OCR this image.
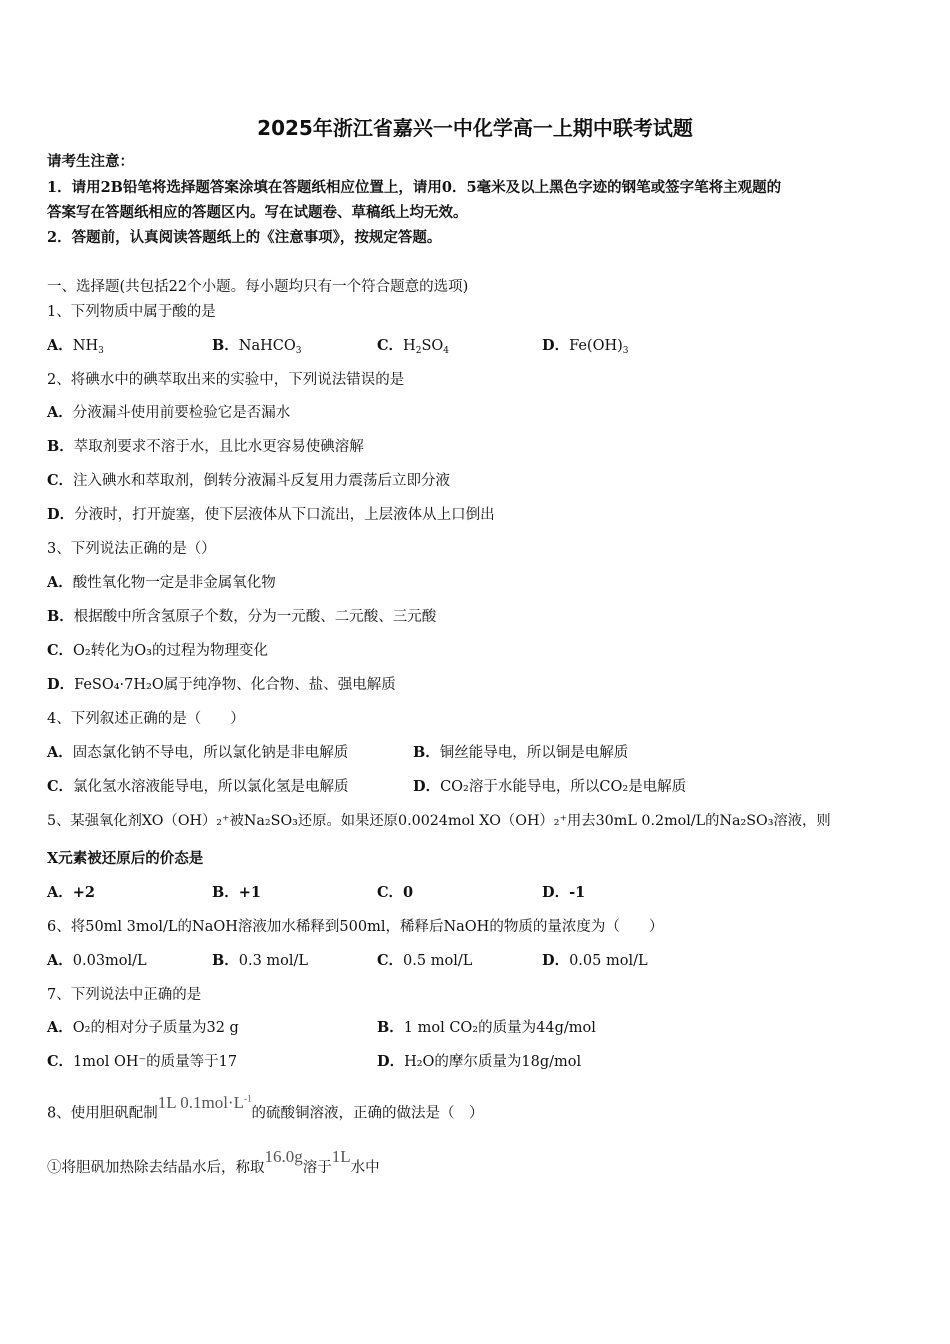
2025年浙江省嘉兴一中化学高一上期中联考试题
请考生注意：
1．请用2B铅笔将选择题答案涂填在答题纸相应位置上，请用0．5毫米及以上黑色字迹的钢笔或签字笔将主观题的
答案写在答题纸相应的答题区内。写在试题卷、草稿纸上均无效。
2．答题前，认真阅读答题纸上的《注意事项》，按规定答题。
一、选择题(共包括22个小题。每小题均只有一个符合题意的选项)
1、下列物质中属于酸的是
A．$NH_3$	B．NaHCO$_3$	C．$H_2SO_4$	D．$Fe(OH)_3$
2、将碘水中的碘萃取出来的实验中，下列说法错误的是
A．分液漏斗使用前要检验它是否漏水
B．萃取剂要求不溶于水，且比水更容易使碘溶解
C．注入碘水和萃取剂，倒转分液漏斗反复用力震荡后立即分液
D．分液时，打开旋塞，使下层液体从下口流出，上层液体从上口倒出
3、下列说法正确的是（）
A．酸性氧化物一定是非金属氧化物
B．根据酸中所含氢原子个数，分为一元酸、二元酸、三元酸
C．O₂转化为O₃的过程为物理变化
D．FeSO₄·7H₂O属于纯净物、化合物、盐、强电解质
4、下列叙述正确的是（　　）
A．固态氯化钠不导电，所以氯化钠是非电解质	B．铜丝能导电，所以铜是电解质
C．氯化氢水溶液能导电，所以氯化氢是电解质	D．CO₂溶于水能导电，所以CO₂是电解质
5、某强氧化剂XO（OH）₂⁺被Na₂SO₃还原。如果还原0.0024mol XO（OH）₂⁺用去30mL 0.2mol/L的Na₂SO₃溶液，则
X元素被还原后的价态是
A．+2	B．+1	C．0	D．-1
6、将50ml 3mol/L的NaOH溶液加水稀释到500ml，稀释后NaOH的物质的量浓度为（　　）
A．0.03mol/L	B．0.3 mol/L	C．0.5 mol/L	D．0.05 mol/L
7、下列说法中正确的是
A．O₂的相对分子质量为32 g	B．1 mol CO₂的质量为44g/mol
C．1mol OH⁻的质量等于17	D．H₂O的摩尔质量为18g/mol
8、使用胆矾配制1L $0.1mol\cdot L^{-1}$的硫酸铜溶液，正确的做法是（　）
①将胆矾加热除去结晶水后，称取16.0g溶于1L水中
